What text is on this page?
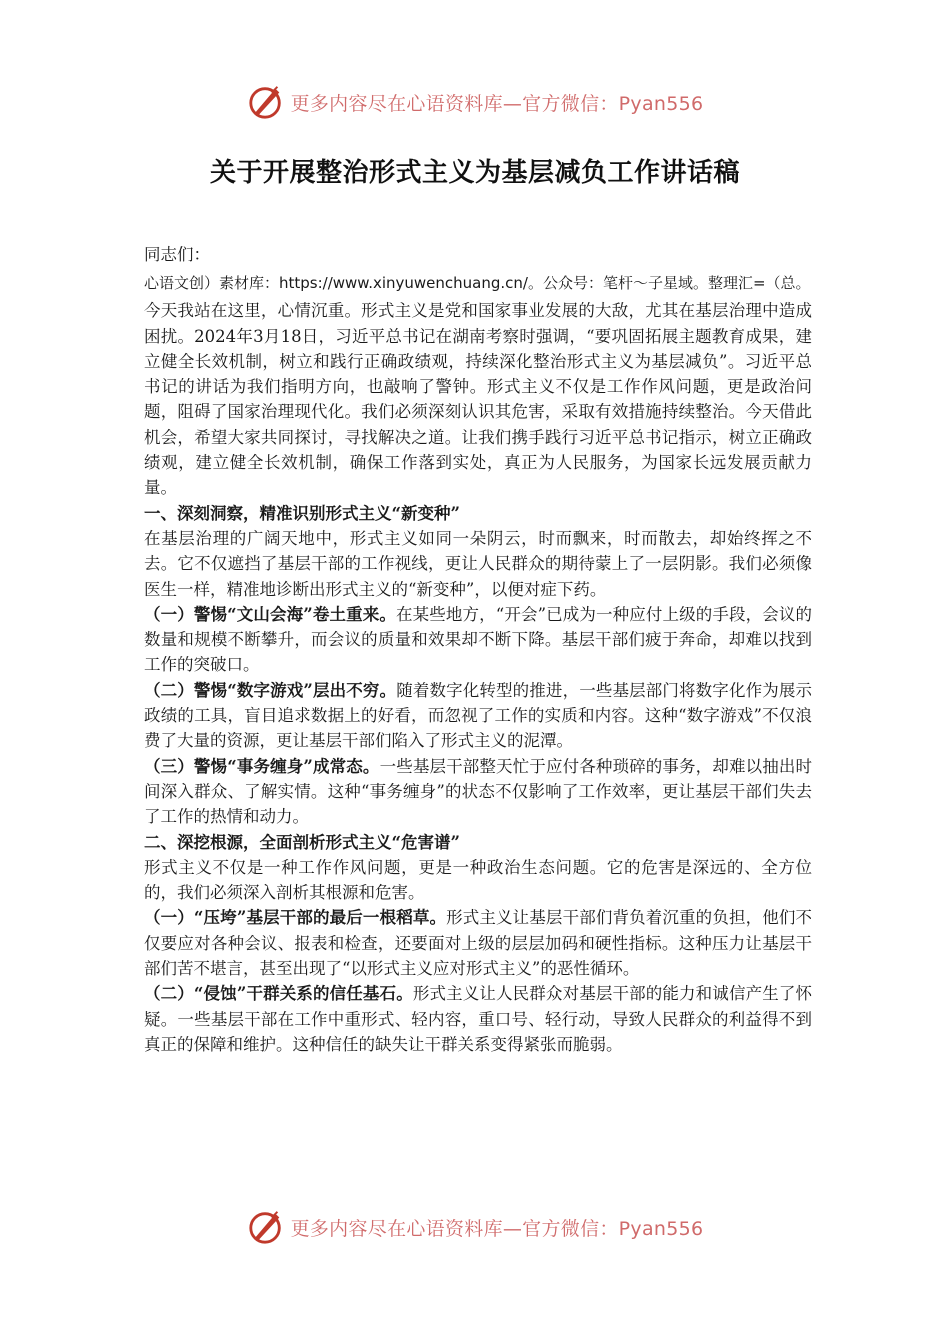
更多内容尽在心语资料库—官方微信：Pyan556
关于开展整治形式主义为基层减负工作讲话稿

同志们：

心语文创）素材库：https://www.xinyuwenchuang.cn/。公众号：笔杆～子星域。整理汇=（总。

今天我站在这里，心情沉重。形式主义是党和国家事业发展的大敌，尤其在基层治理中造成困扰。2024年3月18日，习近平总书记在湖南考察时强调，“要巩固拓展主题教育成果，建立健全长效机制，树立和践行正确政绩观，持续深化整治形式主义为基层减负”。习近平总书记的讲话为我们指明方向，也敲响了警钟。形式主义不仅是工作作风问题，更是政治问题，阻碍了国家治理现代化。我们必须深刻认识其危害，采取有效措施持续整治。今天借此机会，希望大家共同探讨，寻找解决之道。让我们携手践行习近平总书记指示，树立正确政绩观，建立健全长效机制，确保工作落到实处，真正为人民服务，为国家长远发展贡献力量。

一、深刻洞察，精准识别形式主义“新变种”

在基层治理的广阔天地中，形式主义如同一朵阴云，时而飘来，时而散去，却始终挥之不去。它不仅遮挡了基层干部的工作视线，更让人民群众的期待蒙上了一层阴影。我们必须像医生一样，精准地诊断出形式主义的“新变种”，以便对症下药。

（一）警惕“文山会海”卷土重来。在某些地方，“开会”已成为一种应付上级的手段，会议的数量和规模不断攀升，而会议的质量和效果却不断下降。基层干部们疲于奔命，却难以找到工作的突破口。

（二）警惕“数字游戏”层出不穷。随着数字化转型的推进，一些基层部门将数字化作为展示政绩的工具，盲目追求数据上的好看，而忽视了工作的实质和内容。这种“数字游戏”不仅浪费了大量的资源，更让基层干部们陷入了形式主义的泥潭。

（三）警惕“事务缠身”成常态。一些基层干部整天忙于应付各种琐碎的事务，却难以抽出时间深入群众、了解实情。这种“事务缠身”的状态不仅影响了工作效率，更让基层干部们失去了工作的热情和动力。

二、深挖根源，全面剖析形式主义“危害谱”

形式主义不仅是一种工作作风问题，更是一种政治生态问题。它的危害是深远的、全方位的，我们必须深入剖析其根源和危害。

（一）“压垮”基层干部的最后一根稻草。形式主义让基层干部们背负着沉重的负担，他们不仅要应对各种会议、报表和检查，还要面对上级的层层加码和硬性指标。这种压力让基层干部们苦不堪言，甚至出现了“以形式主义应对形式主义”的恶性循环。

（二）“侵蚀”干群关系的信任基石。形式主义让人民群众对基层干部的能力和诚信产生了怀疑。一些基层干部在工作中重形式、轻内容，重口号、轻行动，导致人民群众的利益得不到真正的保障和维护。这种信任的缺失让干群关系变得紧张而脆弱。

更多内容尽在心语资料库—官方微信：Pyan556
